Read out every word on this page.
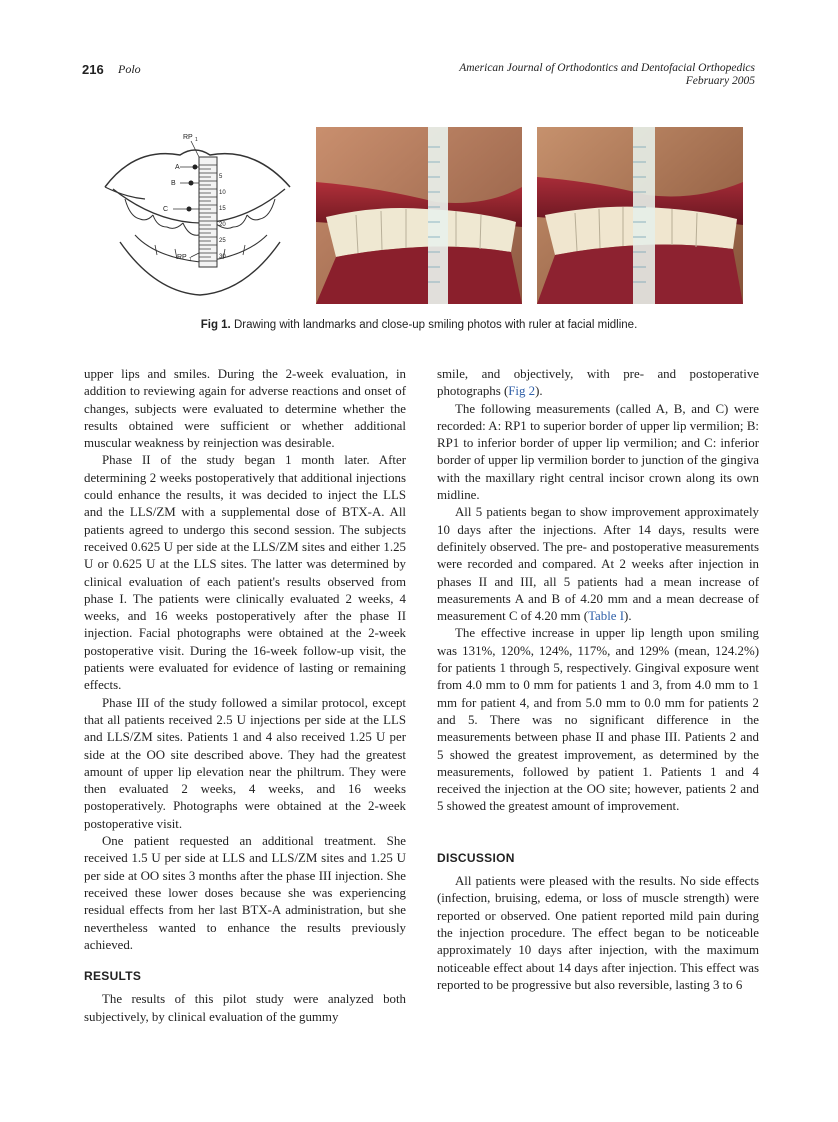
216 Polo	American Journal of Orthodontics and Dentofacial Orthopedics
February 2005
RP 1
A
B
C
RP 1
5
10
15
20
25
30
Fig 1. Drawing with landmarks and close-up smiling photos with ruler at facial midline.

upper lips and smiles. During the 2-week evaluation, in addition to reviewing again for adverse reactions and onset of changes, subjects were evaluated to determine whether the results obtained were sufficient or whether additional muscular weakness by reinjection was desirable.

Phase II of the study began 1 month later. After determining 2 weeks postoperatively that additional injections could enhance the results, it was decided to inject the LLS and the LLS/ZM with a supplemental dose of BTX-A. All patients agreed to undergo this second session. The subjects received 0.625 U per side at the LLS/ZM sites and either 1.25 U or 0.625 U at the LLS sites. The latter was determined by clinical evaluation of each patient's results observed from phase I. The patients were clinically evaluated 2 weeks, 4 weeks, and 16 weeks postoperatively after the phase II injection. Facial photographs were obtained at the 2-week postoperative visit. During the 16-week follow-up visit, the patients were evaluated for evidence of lasting or remaining effects.

Phase III of the study followed a similar protocol, except that all patients received 2.5 U injections per side at the LLS and LLS/ZM sites. Patients 1 and 4 also received 1.25 U per side at the OO site described above. They had the greatest amount of upper lip elevation near the philtrum. They were then evaluated 2 weeks, 4 weeks, and 16 weeks postoperatively. Photographs were obtained at the 2-week postoperative visit.

One patient requested an additional treatment. She received 1.5 U per side at LLS and LLS/ZM sites and 1.25 U per side at OO sites 3 months after the phase III injection. She received these lower doses because she was experiencing residual effects from her last BTX-A administration, but she nevertheless wanted to enhance the results previously achieved.

RESULTS

The results of this pilot study were analyzed both subjectively, by clinical evaluation of the gummy

smile, and objectively, with pre- and postoperative photographs (Fig 2).

The following measurements (called A, B, and C) were recorded: A: RP1 to superior border of upper lip vermilion; B: RP1 to inferior border of upper lip vermilion; and C: inferior border of upper lip vermilion border to junction of the gingiva with the maxillary right central incisor crown along its own midline.

All 5 patients began to show improvement approximately 10 days after the injections. After 14 days, results were definitely observed. The pre- and postoperative measurements were recorded and compared. At 2 weeks after injection in phases II and III, all 5 patients had a mean increase of measurements A and B of 4.20 mm and a mean decrease of measurement C of 4.20 mm (Table I).

The effective increase in upper lip length upon smiling was 131%, 120%, 124%, 117%, and 129% (mean, 124.2%) for patients 1 through 5, respectively. Gingival exposure went from 4.0 mm to 0 mm for patients 1 and 3, from 4.0 mm to 1 mm for patient 4, and from 5.0 mm to 0.0 mm for patients 2 and 5. There was no significant difference in the measurements between phase II and phase III. Patients 2 and 5 showed the greatest improvement, as determined by the measurements, followed by patient 1. Patients 1 and 4 received the injection at the OO site; however, patients 2 and 5 showed the greatest amount of improvement.

DISCUSSION

All patients were pleased with the results. No side effects (infection, bruising, edema, or loss of muscle strength) were reported or observed. One patient reported mild pain during the injection procedure. The effect began to be noticeable approximately 10 days after injection, with the maximum noticeable effect about 14 days after injection. This effect was reported to be progressive but also reversible, lasting 3 to 6
